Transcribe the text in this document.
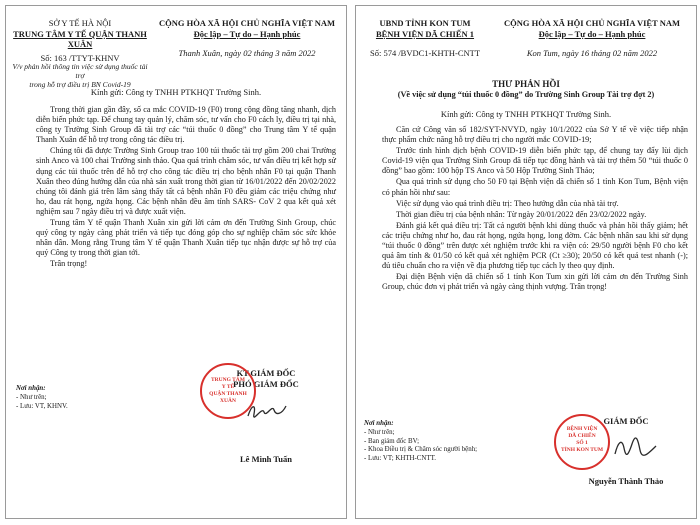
SỞ Y TẾ HÀ NỘI
TRUNG TÂM Y TẾ QUẬN THANH XUÂN
Số: 163 /TTYT-KHNV
V/v phản hồi thông tin việc sử dụng thuốc tài trợ
trong hỗ trợ điều trị BN Covid-19
CỘNG HÒA XÃ HỘI CHỦ NGHĨA VIỆT NAM
Độc lập – Tự do – Hạnh phúc
Thanh Xuân, ngày 02 tháng 3 năm 2022
Kính gửi: Công ty TNHH PTKHQT Trường Sinh.

Trong thời gian gần đây, số ca mắc COVID-19 (F0) trong cộng đồng tăng nhanh, dịch diễn biến phức tạp. Để chung tay quản lý, chăm sóc, tư vấn cho F0 cách ly, điều trị tại nhà, công ty Trường Sinh Group đã tài trợ các “túi thuốc 0 đồng” cho Trung tâm Y tế quận Thanh Xuân để hỗ trợ trong công tác điều trị.

Chúng tôi đã được Trường Sinh Group trao 100 túi thuốc tài trợ gồm 200 chai Trường sinh Anco và 100 chai Trường sinh thảo. Qua quá trình chăm sóc, tư vấn điều trị kết hợp sử dụng các túi thuốc trên để hỗ trợ cho công tác điều trị cho bệnh nhân F0 tại quận Thanh Xuân theo đúng hướng dẫn của nhà sản xuất trong thời gian từ 16/01/2022 đến 20/02/2022 chúng tôi đánh giá trên lâm sàng thấy tất cả bệnh nhân F0 đều giảm các triệu chứng như ho, đau rát họng, ngứa họng. Các bệnh nhân đều âm tính SARS- CoV 2 qua kết quả xét nghiệm sau 7 ngày điều trị và được xuất viện.

Trung tâm Y tế quận Thanh Xuân xin gửi lời cảm ơn đến Trường Sinh Group, chúc quý công ty ngày càng phát triển và tiếp tục đóng góp cho sự nghiệp chăm sóc sức khỏe nhân dân. Mong rằng Trung tâm Y tế quận Thanh Xuân tiếp tục nhận được sự hỗ trợ của quý Công ty trong thời gian tới.

Trân trọng!

Nơi nhận:
- Như trên;
- Lưu: VT, KHNV.
KT.GIÁM ĐỐC
PHÓ GIÁM ĐỐC
TRUNG TÂM
Y TẾ
QUẬN THANH XUÂN
Lê Minh Tuấn
UBND TỈNH KON TUM
BỆNH VIỆN DÃ CHIẾN 1
Số: 574 /BVDC1-KHTH-CNTT
CỘNG HÒA XÃ HỘI CHỦ NGHĨA VIỆT NAM
Độc lập – Tự do – Hạnh phúc
Kon Tum, ngày 16 tháng 02 năm 2022
THƯ PHẢN HỒI
(Về việc sử dụng “túi thuốc 0 đồng” do Trường Sinh Group Tài trợ đợt 2)
Kính gửi: Công ty TNHH PTKHQT Trường Sinh.

Căn cứ Công văn số 182/SYT-NVYD, ngày 10/1/2022 của Sở Y tế về việc tiếp nhận thực phẩm chức năng hỗ trợ điều trị cho người mắc COVID-19;

Trước tình hình dịch bệnh COVID-19 diễn biến phức tạp, để chung tay đẩy lùi dịch Covid-19 viện qua Trường Sinh Group đã tiếp tục đồng hành và tài trợ thêm 50 “túi thuốc 0 đồng” bao gồm: 100 hộp TS Anco và 50 Hộp Trường Sinh Thảo;

Qua quá trình sử dụng cho 50 F0 tại Bệnh viện dã chiến số 1 tỉnh Kon Tum, Bệnh viện có phản hồi như sau:

Việc sử dụng vào quá trình điều trị: Theo hướng dẫn của nhà tài trợ.

Thời gian điều trị của bệnh nhân: Từ ngày 20/01/2022 đến 23/02/2022 ngày.

Đánh giá kết quả điều trị: Tất cả người bệnh khi dùng thuốc và phản hồi thấy giảm; hết các triệu chứng như ho, đau rát họng, ngứa họng, long đờm. Các bệnh nhân sau khi sử dụng “túi thuốc 0 đồng” trên được xét nghiệm trước khi ra viện có: 29/50 người bệnh F0 cho kết quả âm tính & 01/50 có kết quả xét nghiệm PCR (Ct ≥30); 20/50 có kết quả test nhanh (-); đủ tiêu chuẩn cho ra viện về địa phương tiếp tục cách ly theo quy định.

Đại diện Bệnh viện dã chiến số 1 tỉnh Kon Tum xin gửi lời cảm ơn đến Trường Sinh Group, chúc đơn vị phát triển và ngày càng thịnh vượng. Trân trọng!

Nơi nhận:
- Như trên;
- Ban giám đốc BV;
- Khoa Điều trị & Chăm sóc người bệnh;
- Lưu: VT; KHTH-CNTT.
GIÁM ĐỐC
BỆNH VIỆN
DÃ CHIẾN
SỐ 1
TỈNH KON TUM
Nguyễn Thành Thảo
